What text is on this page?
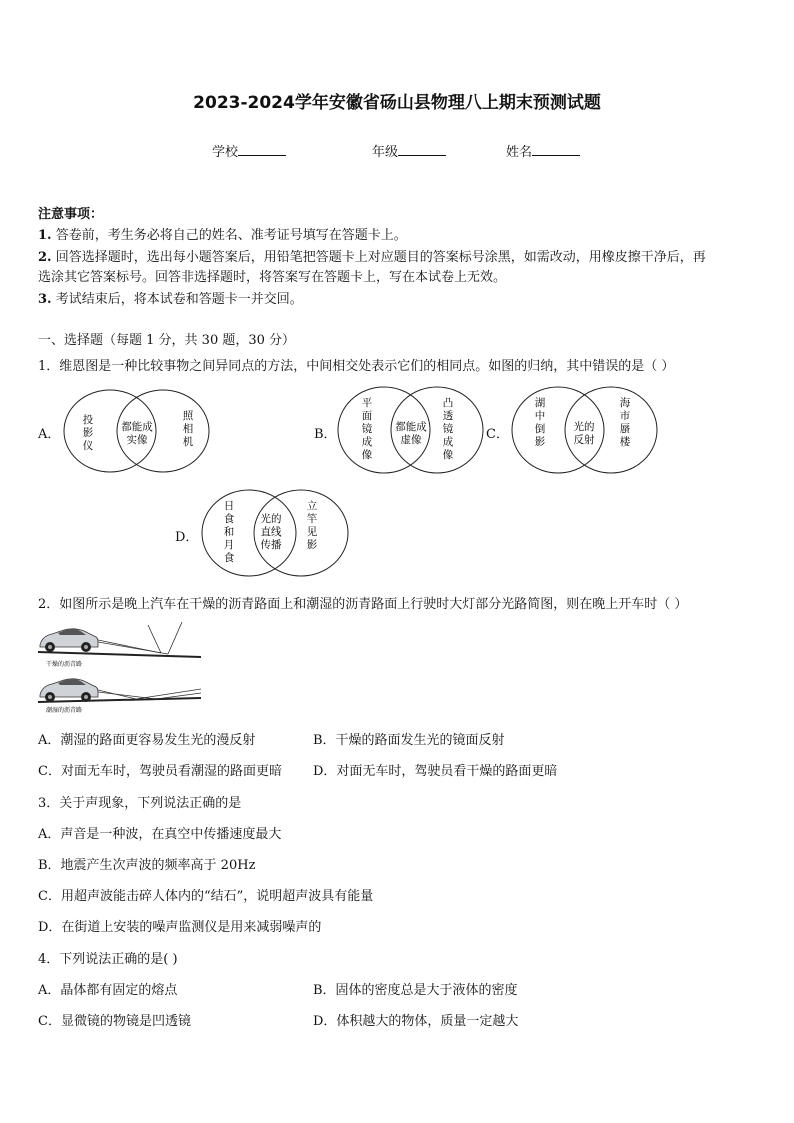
2023-2024学年安徽省砀山县物理八上期末预测试题
学校	年级	姓名
注意事项：
1. 答卷前，考生务必将自己的姓名、准考证号填写在答题卡上。
2. 回答选择题时，选出每小题答案后，用铅笔把答题卡上对应题目的答案标号涂黑，如需改动，用橡皮擦干净后，再
选涂其它答案标号。回答非选择题时，将答案写在答题卡上，写在本试卷上无效。
3. 考试结束后，将本试卷和答题卡一并交回。
一、选择题（每题 1 分，共 30 题，30 分）
1．维恩图是一种比较事物之间异同点的方法，中间相交处表示它们的相同点。如图的归纳，其中错误的是（ ）
A．
投影仪
都能成实像
照相机	B．
平面镜成像
都能成虚像
凸透镜成像
C．
湖中倒影
光的反射
海市蜃楼
D．
日食和月食
光的直线传播
立竿见影
2．如图所示是晚上汽车在干燥的沥青路面上和潮湿的沥青路面上行驶时大灯部分光路简图，则在晚上开车时（ ）
干燥的沥青路
潮湿的沥青路
A．潮湿的路面更容易发生光的漫反射	B．干燥的路面发生光的镜面反射
C．对面无车时，驾驶员看潮湿的路面更暗 D．对面无车时，驾驶员看干燥的路面更暗
3．关于声现象，下列说法正确的是
A．声音是一种波，在真空中传播速度最大
B．地震产生次声波的频率高于 20Hz
C．用超声波能击碎人体内的“结石”，说明超声波具有能量
D．在街道上安装的噪声监测仪是用来减弱噪声的
4．下列说法正确的是( )
A．晶体都有固定的熔点	B．固体的密度总是大于液体的密度
C．显微镜的物镜是凹透镜	D．体积越大的物体，质量一定越大
